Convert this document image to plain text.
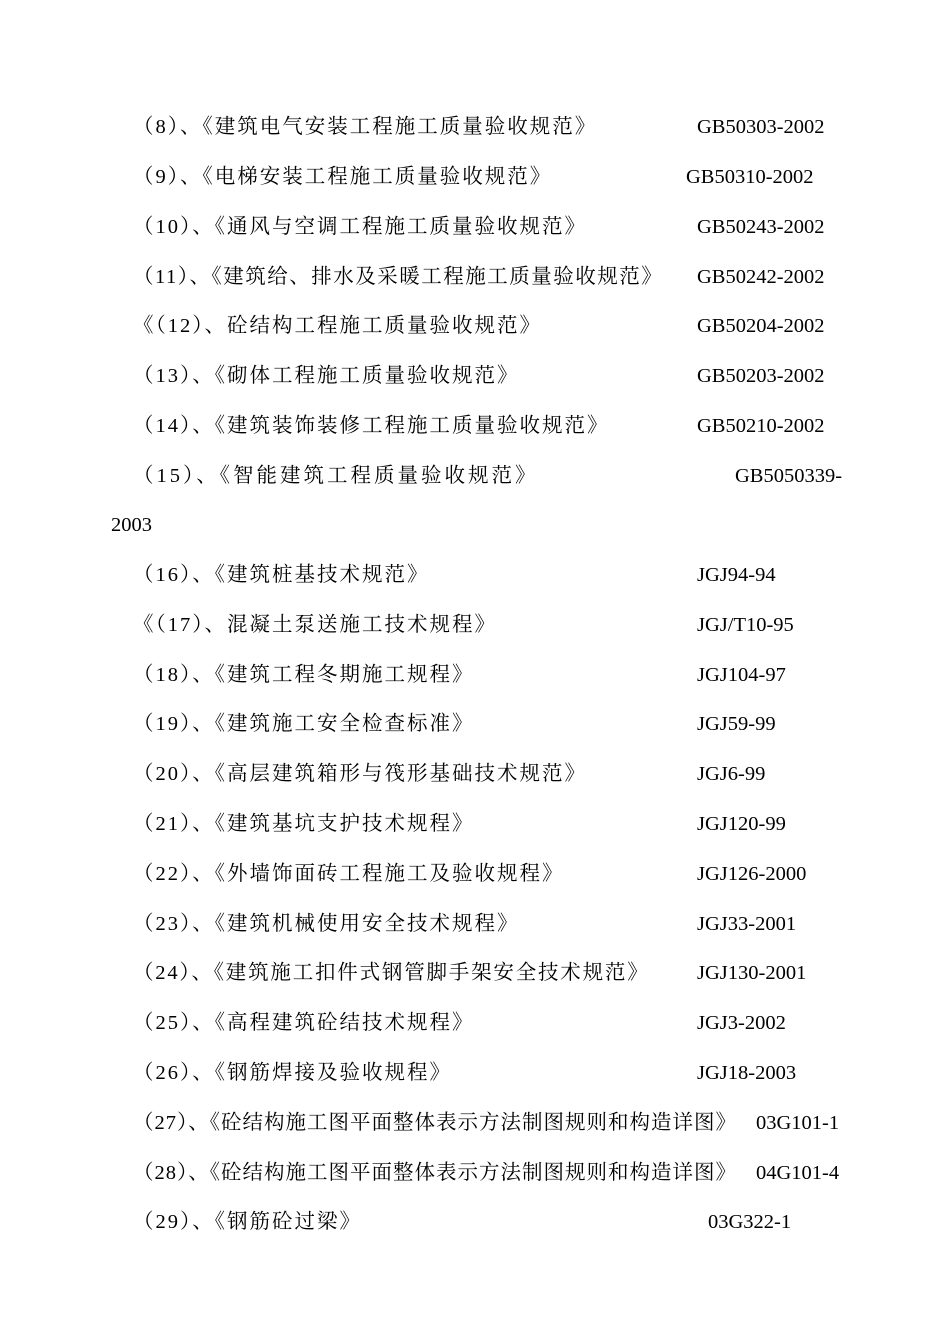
（8）、《建筑电气安装工程施工质量验收规范》	GB50303-2002
（9）、《电梯安装工程施工质量验收规范》	GB50310-2002
（10）、《通风与空调工程施工质量验收规范》	GB50243-2002
（11）、《建筑给、排水及采暖工程施工质量验收规范》 GB50242-2002
《（12）、砼结构工程施工质量验收规范》	GB50204-2002
（13）、《砌体工程施工质量验收规范》	GB50203-2002
（14）、《建筑装饰装修工程施工质量验收规范》	GB50210-2002
（15）、《智能建筑工程质量验收规范》	GB5050339-
2003
（16）、《建筑桩基技术规范》	JGJ94-94
《（17）、混凝土泵送施工技术规程》	JGJ/T10-95
（18）、《建筑工程冬期施工规程》	JGJ104-97
（19）、《建筑施工安全检查标准》	JGJ59-99
（20）、《高层建筑箱形与筏形基础技术规范》	JGJ6-99
（21）、《建筑基坑支护技术规程》	JGJ120-99
（22）、《外墙饰面砖工程施工及验收规程》	JGJ126-2000
（23）、《建筑机械使用安全技术规程》	JGJ33-2001
（24）、《建筑施工扣件式钢管脚手架安全技术规范》 JGJ130-2001
（25）、《高程建筑砼结技术规程》	JGJ3-2002
（26）、《钢筋焊接及验收规程》	JGJ18-2003
（27）、《砼结构施工图平面整体表示方法制图规则和构造详图》 03G101-1
（28）、《砼结构施工图平面整体表示方法制图规则和构造详图》 04G101-4
（29）、《钢筋砼过梁》	03G322-1
